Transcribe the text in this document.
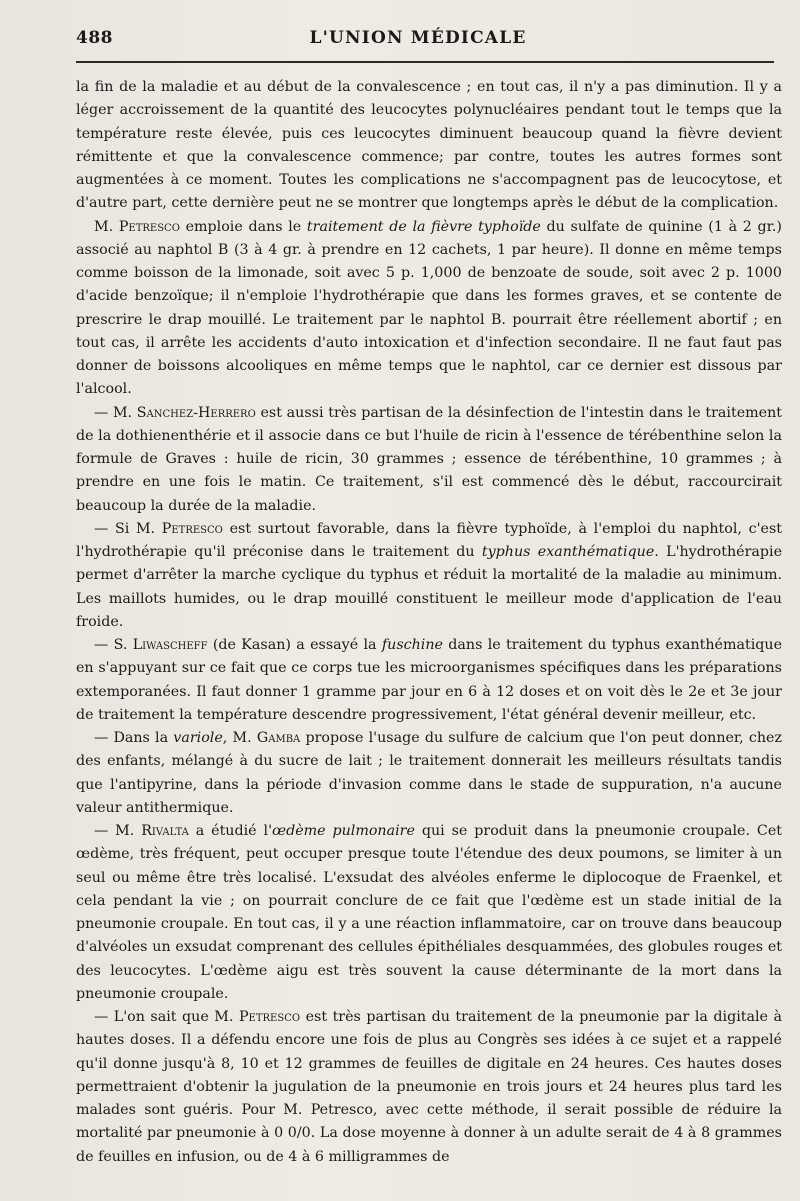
488	L'UNION MÉDICALE

la fin de la maladie et au début de la convalescence ; en tout cas, il n'y a pas diminution. Il y a léger accroissement de la quantité des leucocytes polynucléaires pendant tout le temps que la température reste élevée, puis ces leucocytes diminuent beaucoup quand la fièvre devient rémittente et que la convalescence commence; par contre, toutes les autres formes sont augmentées à ce moment. Toutes les complications ne s'accompagnent pas de leucocytose, et d'autre part, cette dernière peut ne se montrer que longtemps après le début de la complication.

M. Petresco emploie dans le traitement de la fièvre typhoïde du sulfate de quinine (1 à 2 gr.) associé au naphtol B (3 à 4 gr. à prendre en 12 cachets, 1 par heure). Il donne en même temps comme boisson de la limonade, soit avec 5 p. 1,000 de benzoate de soude, soit avec 2 p. 1000 d'acide benzoïque; il n'emploie l'hydrothérapie que dans les formes graves, et se contente de prescrire le drap mouillé. Le traitement par le naphtol B. pourrait être réellement abortif ; en tout cas, il arrête les accidents d'auto intoxication et d'infection secondaire. Il ne faut faut pas donner de boissons alcooliques en même temps que le naphtol, car ce dernier est dissous par l'alcool.

— M. Sanchez-Herrero est aussi très partisan de la désinfection de l'intestin dans le traitement de la dothienenthérie et il associe dans ce but l'huile de ricin à l'essence de térébenthine selon la formule de Graves : huile de ricin, 30 grammes ; essence de térébenthine, 10 grammes ; à prendre en une fois le matin. Ce traitement, s'il est commencé dès le début, raccourcirait beaucoup la durée de la maladie.

— Si M. Petresco est surtout favorable, dans la fièvre typhoïde, à l'emploi du naphtol, c'est l'hydrothérapie qu'il préconise dans le traitement du typhus exanthématique. L'hydrothérapie permet d'arrêter la marche cyclique du typhus et réduit la mortalité de la maladie au minimum. Les maillots humides, ou le drap mouillé constituent le meilleur mode d'application de l'eau froide.

— S. Liwascheff (de Kasan) a essayé la fuschine dans le traitement du typhus exanthématique en s'appuyant sur ce fait que ce corps tue les microorganismes spécifiques dans les préparations extemporanées. Il faut donner 1 gramme par jour en 6 à 12 doses et on voit dès le 2e et 3e jour de traitement la température descendre progressivement, l'état général devenir meilleur, etc.

— Dans la variole, M. Gamba propose l'usage du sulfure de calcium que l'on peut donner, chez des enfants, mélangé à du sucre de lait ; le traitement donnerait les meilleurs résultats tandis que l'antipyrine, dans la période d'invasion comme dans le stade de suppuration, n'a aucune valeur antithermique.

— M. Rivalta a étudié l'œdème pulmonaire qui se produit dans la pneumonie croupale. Cet œdème, très fréquent, peut occuper presque toute l'étendue des deux poumons, se limiter à un seul ou même être très localisé. L'exsudat des alvéoles enferme le diplocoque de Fraenkel, et cela pendant la vie ; on pourrait conclure de ce fait que l'œdème est un stade initial de la pneumonie croupale. En tout cas, il y a une réaction inflammatoire, car on trouve dans beaucoup d'alvéoles un exsudat comprenant des cellules épithéliales desquammées, des globules rouges et des leucocytes. L'œdème aigu est très souvent la cause déterminante de la mort dans la pneumonie croupale.

— L'on sait que M. Petresco est très partisan du traitement de la pneumonie par la digitale à hautes doses. Il a défendu encore une fois de plus au Congrès ses idées à ce sujet et a rappelé qu'il donne jusqu'à 8, 10 et 12 grammes de feuilles de digitale en 24 heures. Ces hautes doses permettraient d'obtenir la jugulation de la pneumonie en trois jours et 24 heures plus tard les malades sont guéris. Pour M. Petresco, avec cette méthode, il serait possible de réduire la mortalité par pneumonie à 0 0/0. La dose moyenne à donner à un adulte serait de 4 à 8 grammes de feuilles en infusion, ou de 4 à 6 milligrammes de
